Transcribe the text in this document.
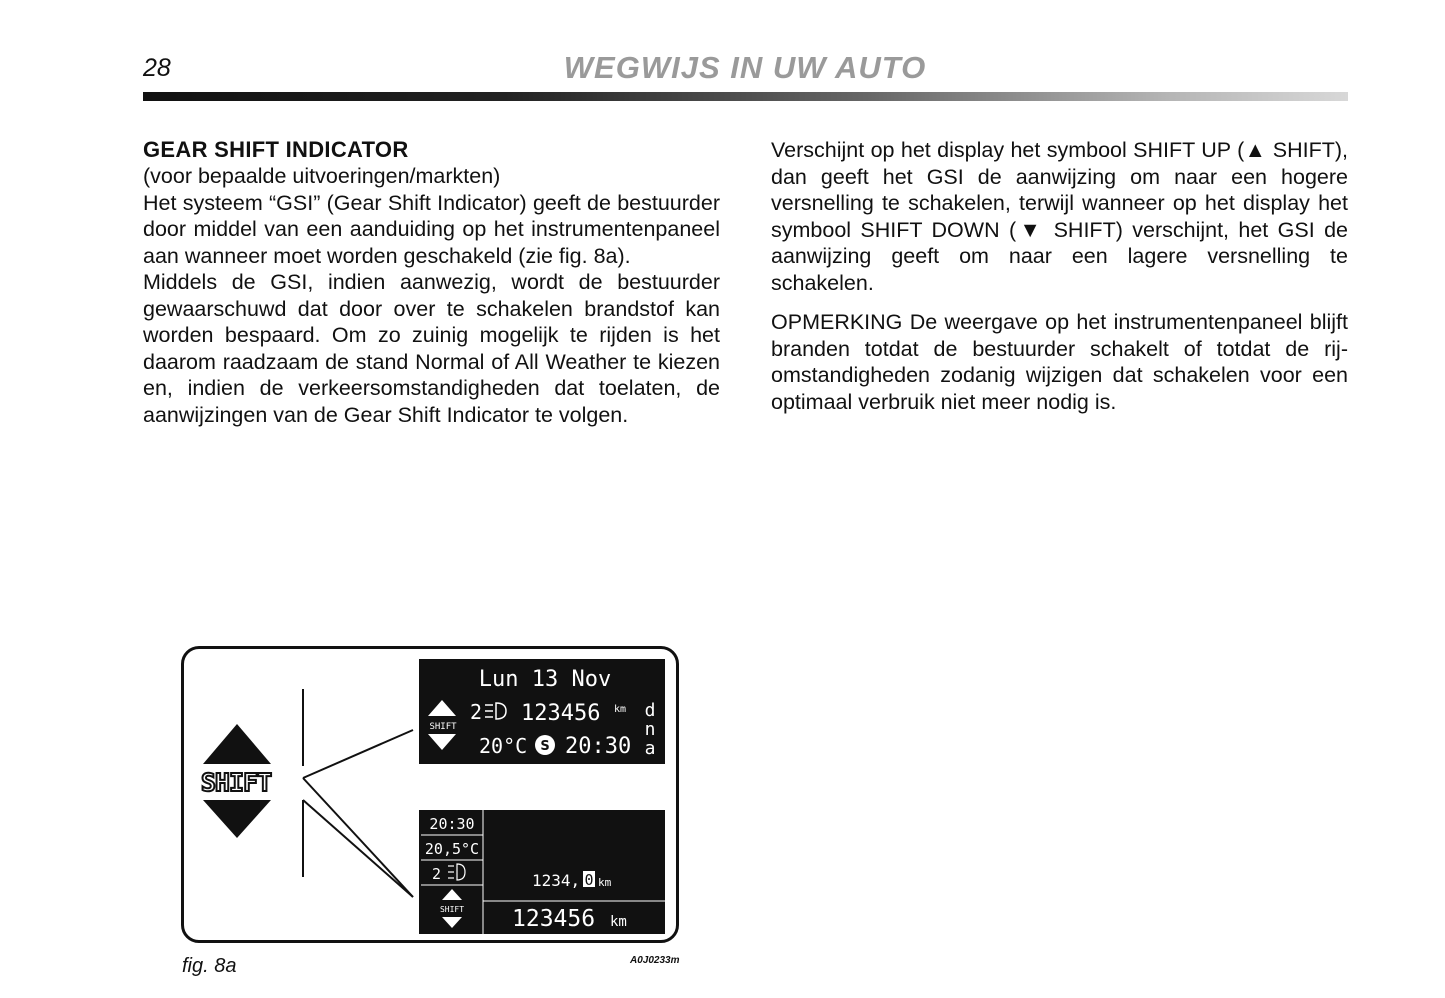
28	WEGWIJS IN UW AUTO

GEAR SHIFT INDICATOR

(voor bepaalde uitvoeringen/markten)

Het systeem “GSI” (Gear Shift Indicator) geeft de bestuurder door middel van een aanduiding op het instrumentenpaneel aan wanneer moet worden geschakeld (zie fig. 8a).

Middels de GSI, indien aanwezig, wordt de bestuurder gewaarschuwd dat door over te schakelen brandstof kan worden bespaard. Om zo zuinig mogelijk te rijden is het daarom raadzaam de stand Normal of All Weather te kiezen en, indien de verkeersomstandigheden dat toelaten, de aanwijzingen van de Gear Shift Indicator te volgen.

Verschijnt op het display het symbool SHIFT UP (▲ SHIFT), dan geeft het GSI de aanwijzing om naar een hogere versnelling te schakelen, terwijl wanneer op het display het symbool SHIFT DOWN (▼ SHIFT) verschijnt, het GSI de aanwijzing geeft om naar een lagere versnelling te schakelen.

OPMERKING De weergave op het instrumentenpaneel blijft branden totdat de bestuurder schakelt of totdat de rij-omstandigheden zodanig wijzigen dat schakelen voor een optimaal verbruik niet meer nodig is.

SHIFT
Lun 13 Nov
SHIFT
2 123456 km
20°C S 20:30
d
n
a
20:30
20,5°C
2
SHIFT
1234, 0 km
123456 km
fig. 8a	A0J0233m
